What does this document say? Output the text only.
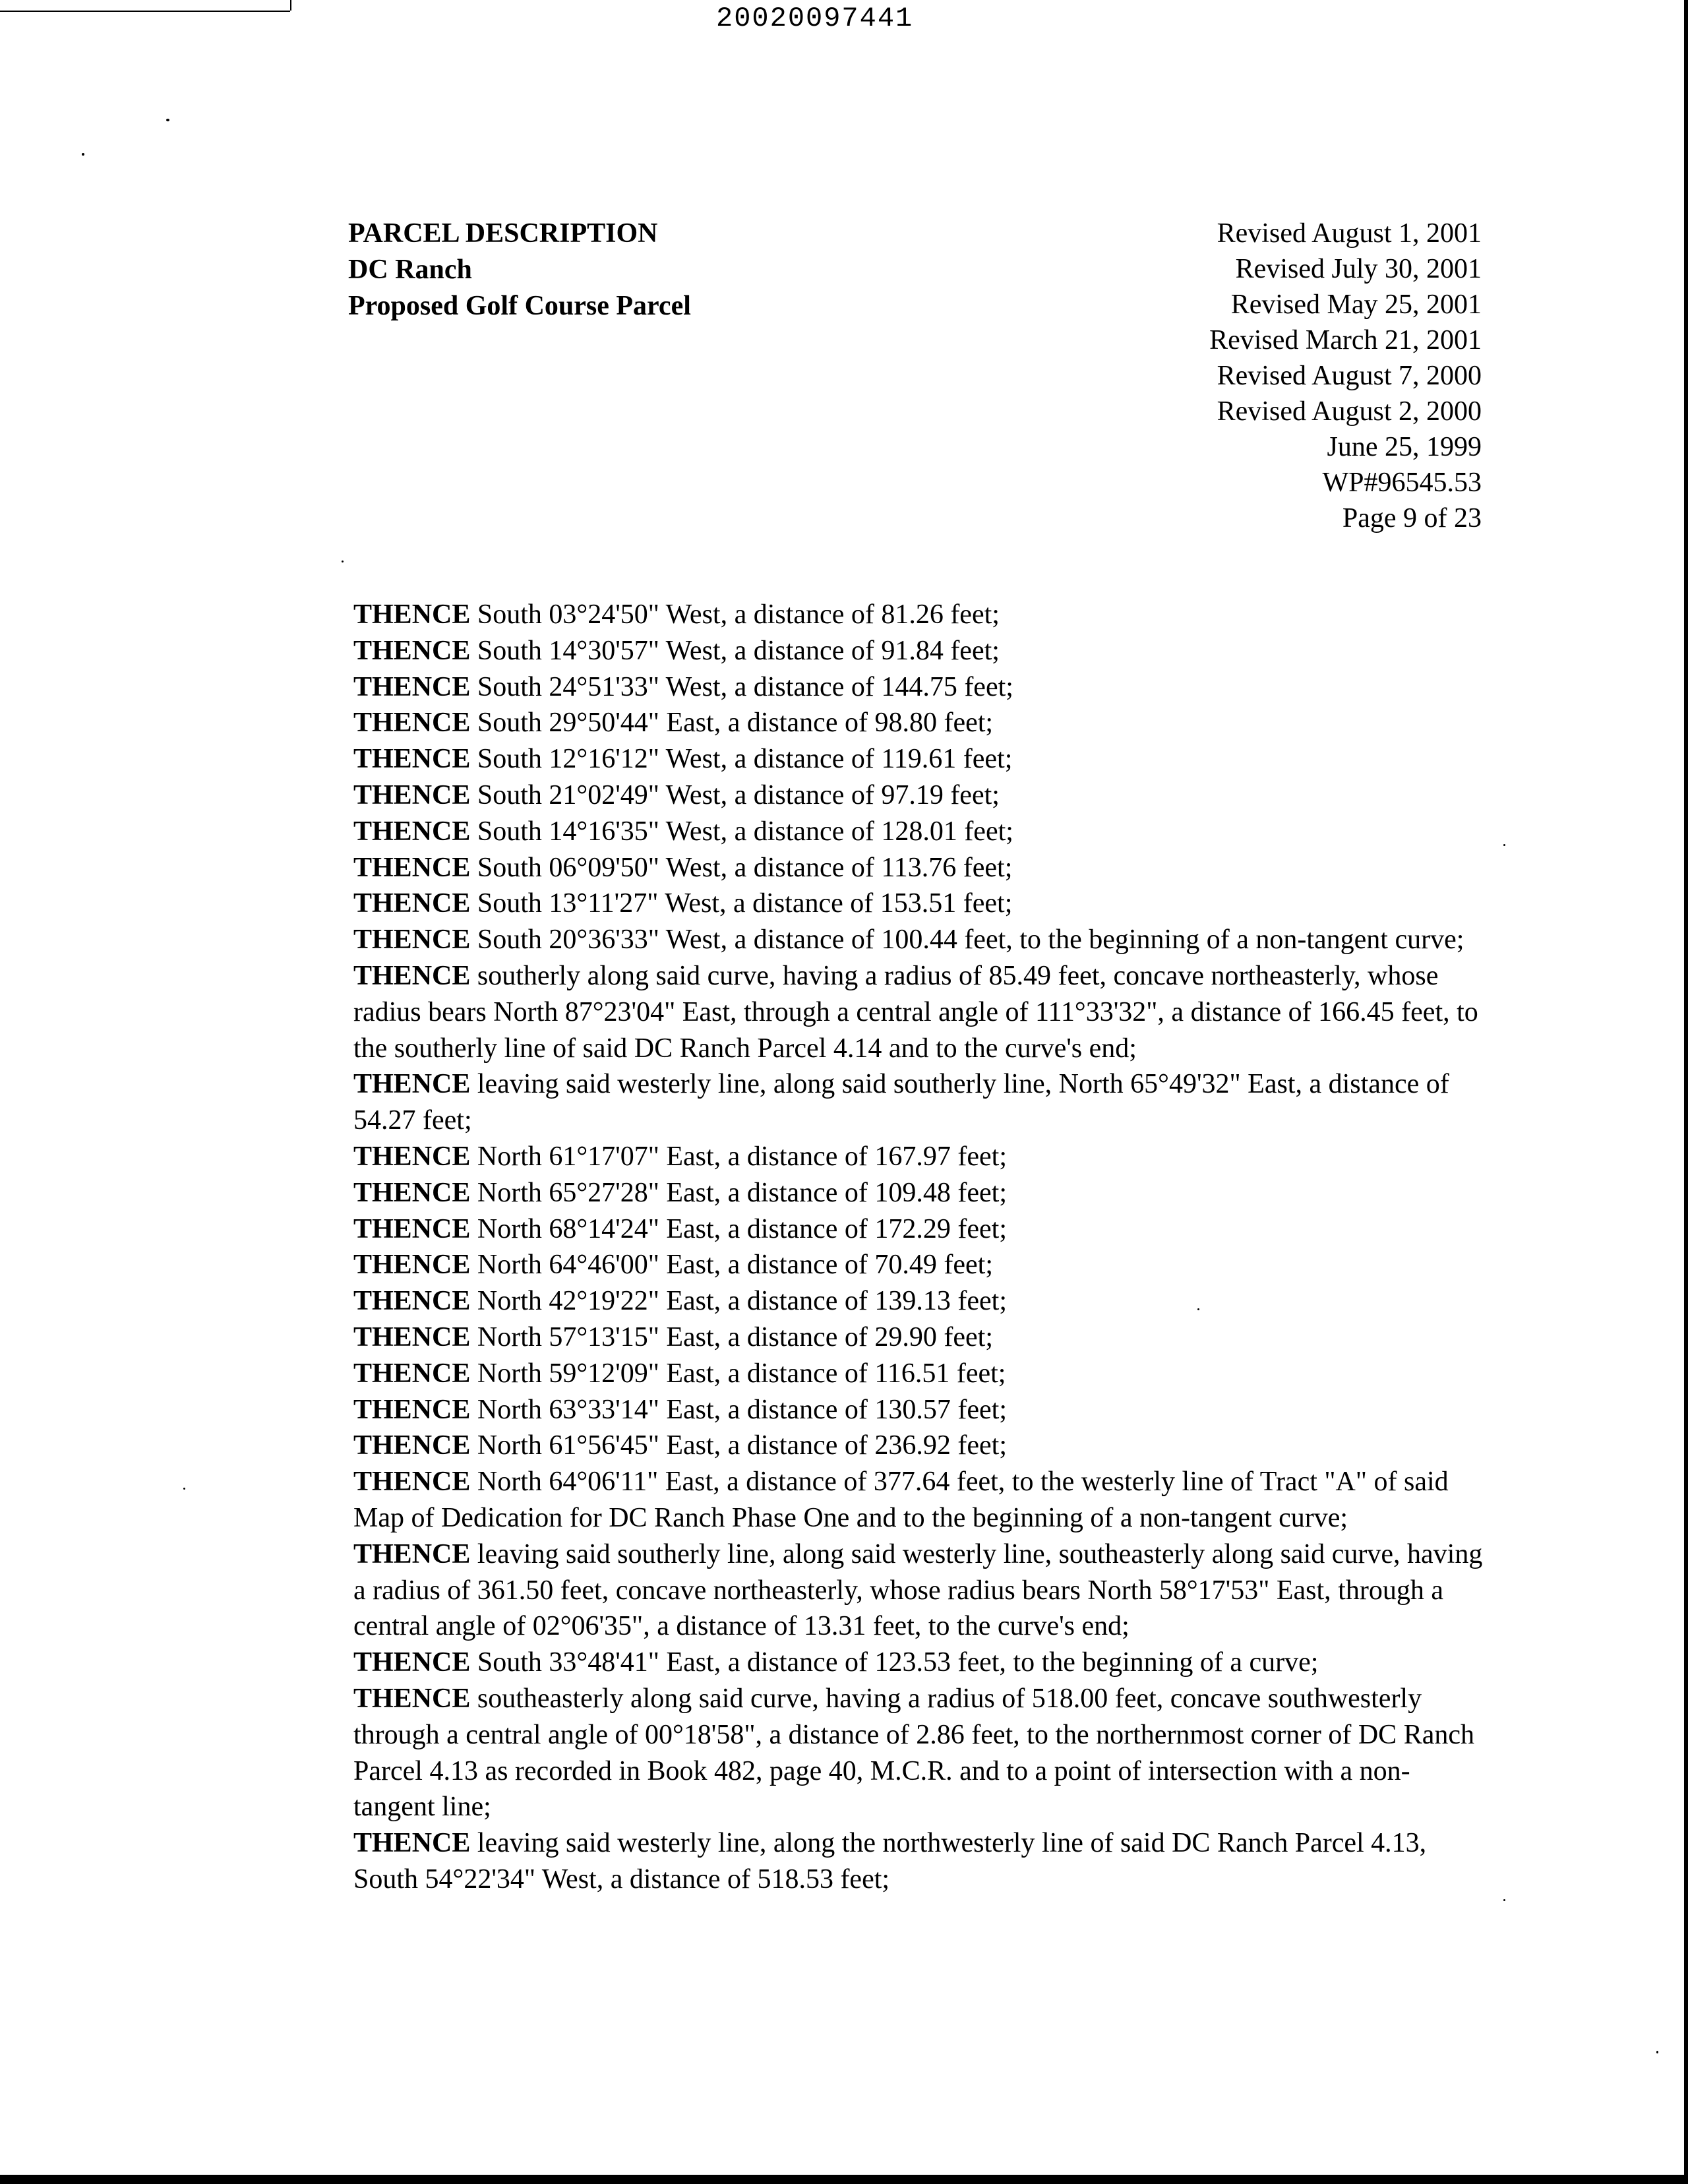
20020097441
PARCEL DESCRIPTION
DC Ranch
Proposed Golf Course Parcel
Revised August 1, 2001
Revised July 30, 2001
Revised May 25, 2001
Revised March 21, 2001
Revised August 7, 2000
Revised August 2, 2000
June 25, 1999
WP#96545.53
Page 9 of 23

THENCE South 03°24'50" West, a distance of 81.26 feet;

THENCE South 14°30'57" West, a distance of 91.84 feet;

THENCE South 24°51'33" West, a distance of 144.75 feet;

THENCE South 29°50'44" East, a distance of 98.80 feet;

THENCE South 12°16'12" West, a distance of 119.61 feet;

THENCE South 21°02'49" West, a distance of 97.19 feet;

THENCE South 14°16'35" West, a distance of 128.01 feet;

THENCE South 06°09'50" West, a distance of 113.76 feet;

THENCE South 13°11'27" West, a distance of 153.51 feet;

THENCE South 20°36'33" West, a distance of 100.44 feet, to the beginning of a non-tangent curve;

THENCE southerly along said curve, having a radius of 85.49 feet, concave northeasterly, whose radius bears North 87°23'04" East, through a central angle of 111°33'32", a distance of 166.45 feet, to the southerly line of said DC Ranch Parcel 4.14 and to the curve's end;

THENCE leaving said westerly line, along said southerly line, North 65°49'32" East, a distance of 54.27 feet;

THENCE North 61°17'07" East, a distance of 167.97 feet;

THENCE North 65°27'28" East, a distance of 109.48 feet;

THENCE North 68°14'24" East, a distance of 172.29 feet;

THENCE North 64°46'00" East, a distance of 70.49 feet;

THENCE North 42°19'22" East, a distance of 139.13 feet;

THENCE North 57°13'15" East, a distance of 29.90 feet;

THENCE North 59°12'09" East, a distance of 116.51 feet;

THENCE North 63°33'14" East, a distance of 130.57 feet;

THENCE North 61°56'45" East, a distance of 236.92 feet;

THENCE North 64°06'11" East, a distance of 377.64 feet, to the westerly line of Tract "A" of said Map of Dedication for DC Ranch Phase One and to the beginning of a non-tangent curve;

THENCE leaving said southerly line, along said westerly line, southeasterly along said curve, having a radius of 361.50 feet, concave northeasterly, whose radius bears North 58°17'53" East, through a central angle of 02°06'35", a distance of 13.31 feet, to the curve's end;

THENCE South 33°48'41" East, a distance of 123.53 feet, to the beginning of a curve;

THENCE southeasterly along said curve, having a radius of 518.00 feet, concave southwesterly through a central angle of 00°18'58", a distance of 2.86 feet, to the northernmost corner of DC Ranch Parcel 4.13 as recorded in Book 482, page 40, M.C.R. and to a point of intersection with a non-tangent line;

THENCE leaving said westerly line, along the northwesterly line of said DC Ranch Parcel 4.13, South 54°22'34" West, a distance of 518.53 feet;
